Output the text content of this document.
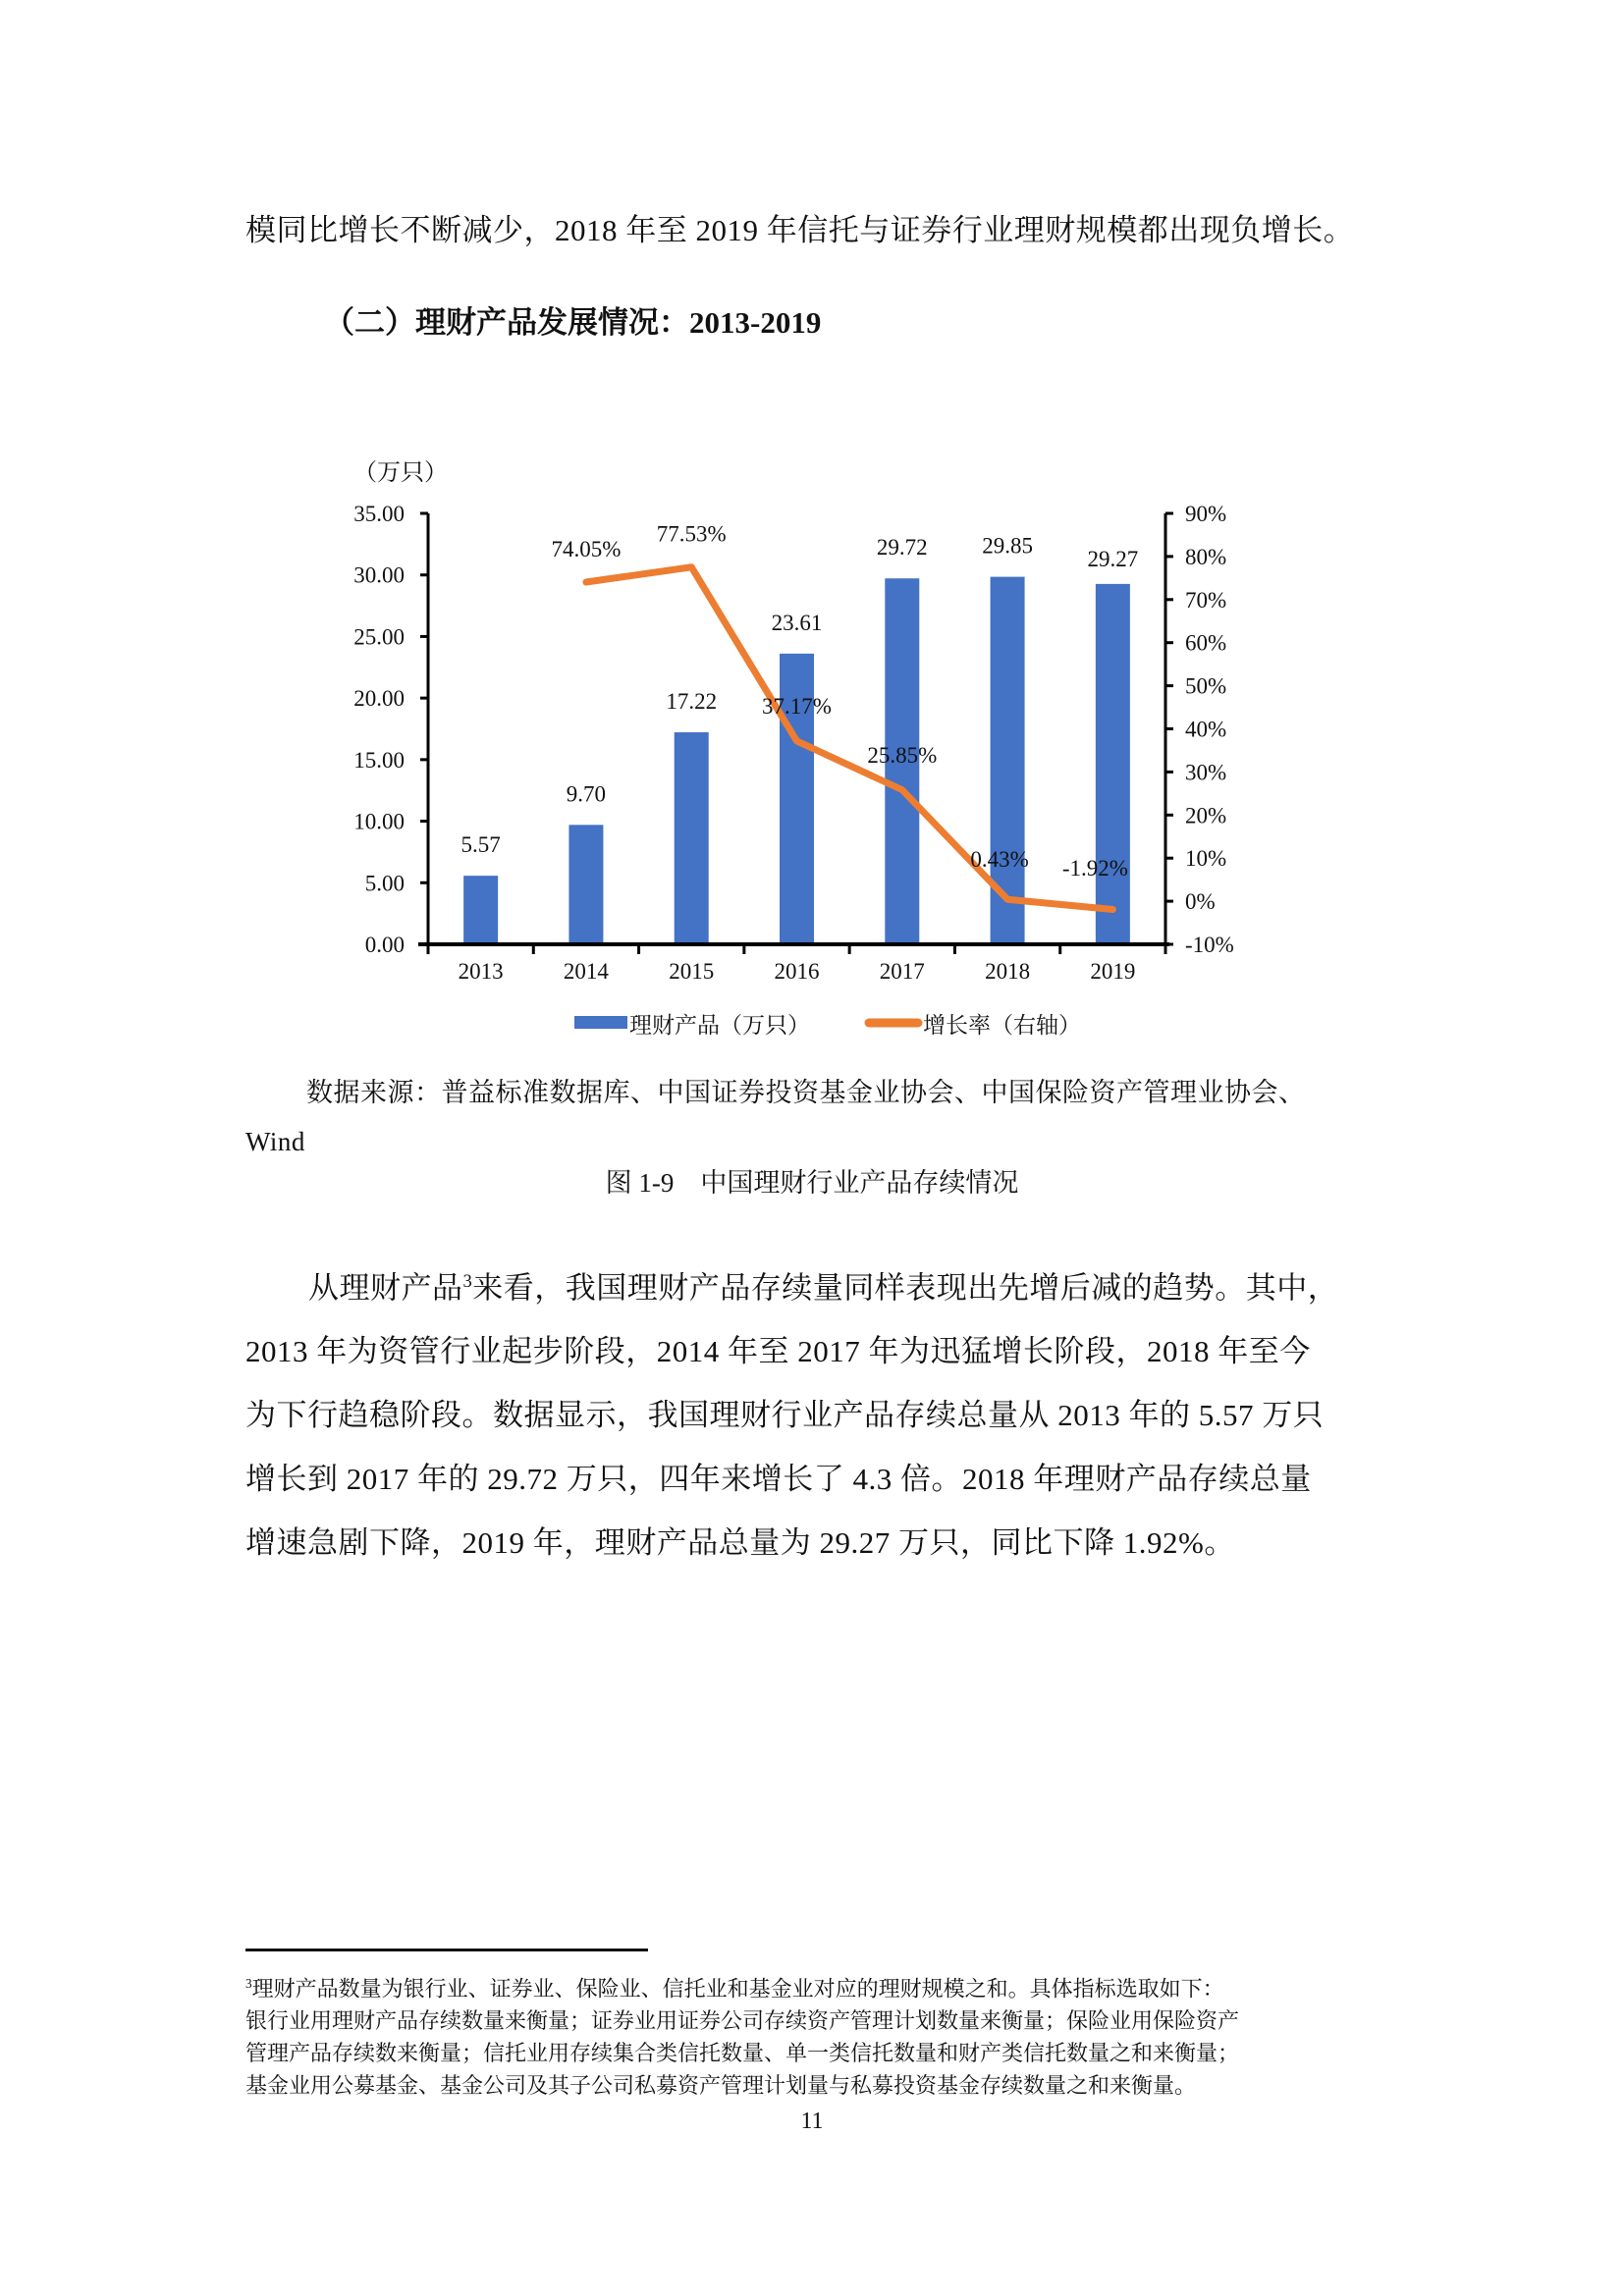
模同比增长不断减少，2018 年至 2019 年信托与证券行业理财规模都出现负增长。
（二）理财产品发展情况：2013-2019
（万只）
5.57
9.70
17.22
23.61
29.72 29.85
29.27
74.05%
77.53%
37.17%
25.85%
0.43% -1.92%
0.00
5.00
10.00
15.00
20.00
25.00
30.00
35.00
-10%
0%
10%
20%
30%
40%
50%
60%
70%
80%
90%
2013	2014	2015	2016	2017	2018	2019
理财产品（万只）	增长率（右轴）
数据来源：普益标准数据库、中国证券投资基金业协会、中国保险资产管理业协会、
Wind
图 1-9　中国理财行业产品存续情况
从理财产品$^3$来看，我国理财产品存续量同样表现出先增后减的趋势。其中，
2013 年为资管行业起步阶段，2014 年至 2017 年为迅猛增长阶段，2018 年至今
为下行趋稳阶段。数据显示，我国理财行业产品存续总量从 2013 年的 5.57 万只
增长到 2017 年的 29.72 万只，四年来增长了 4.3 倍。2018 年理财产品存续总量
增速急剧下降，2019 年，理财产品总量为 29.27 万只，同比下降 1.92%。
$^3$理财产品数量为银行业、证券业、保险业、信托业和基金业对应的理财规模之和。具体指标选取如下：
银行业用理财产品存续数量来衡量；证券业用证券公司存续资产管理计划数量来衡量；保险业用保险资产
管理产品存续数来衡量；信托业用存续集合类信托数量、单一类信托数量和财产类信托数量之和来衡量；
基金业用公募基金、基金公司及其子公司私募资产管理计划量与私募投资基金存续数量之和来衡量。
11
